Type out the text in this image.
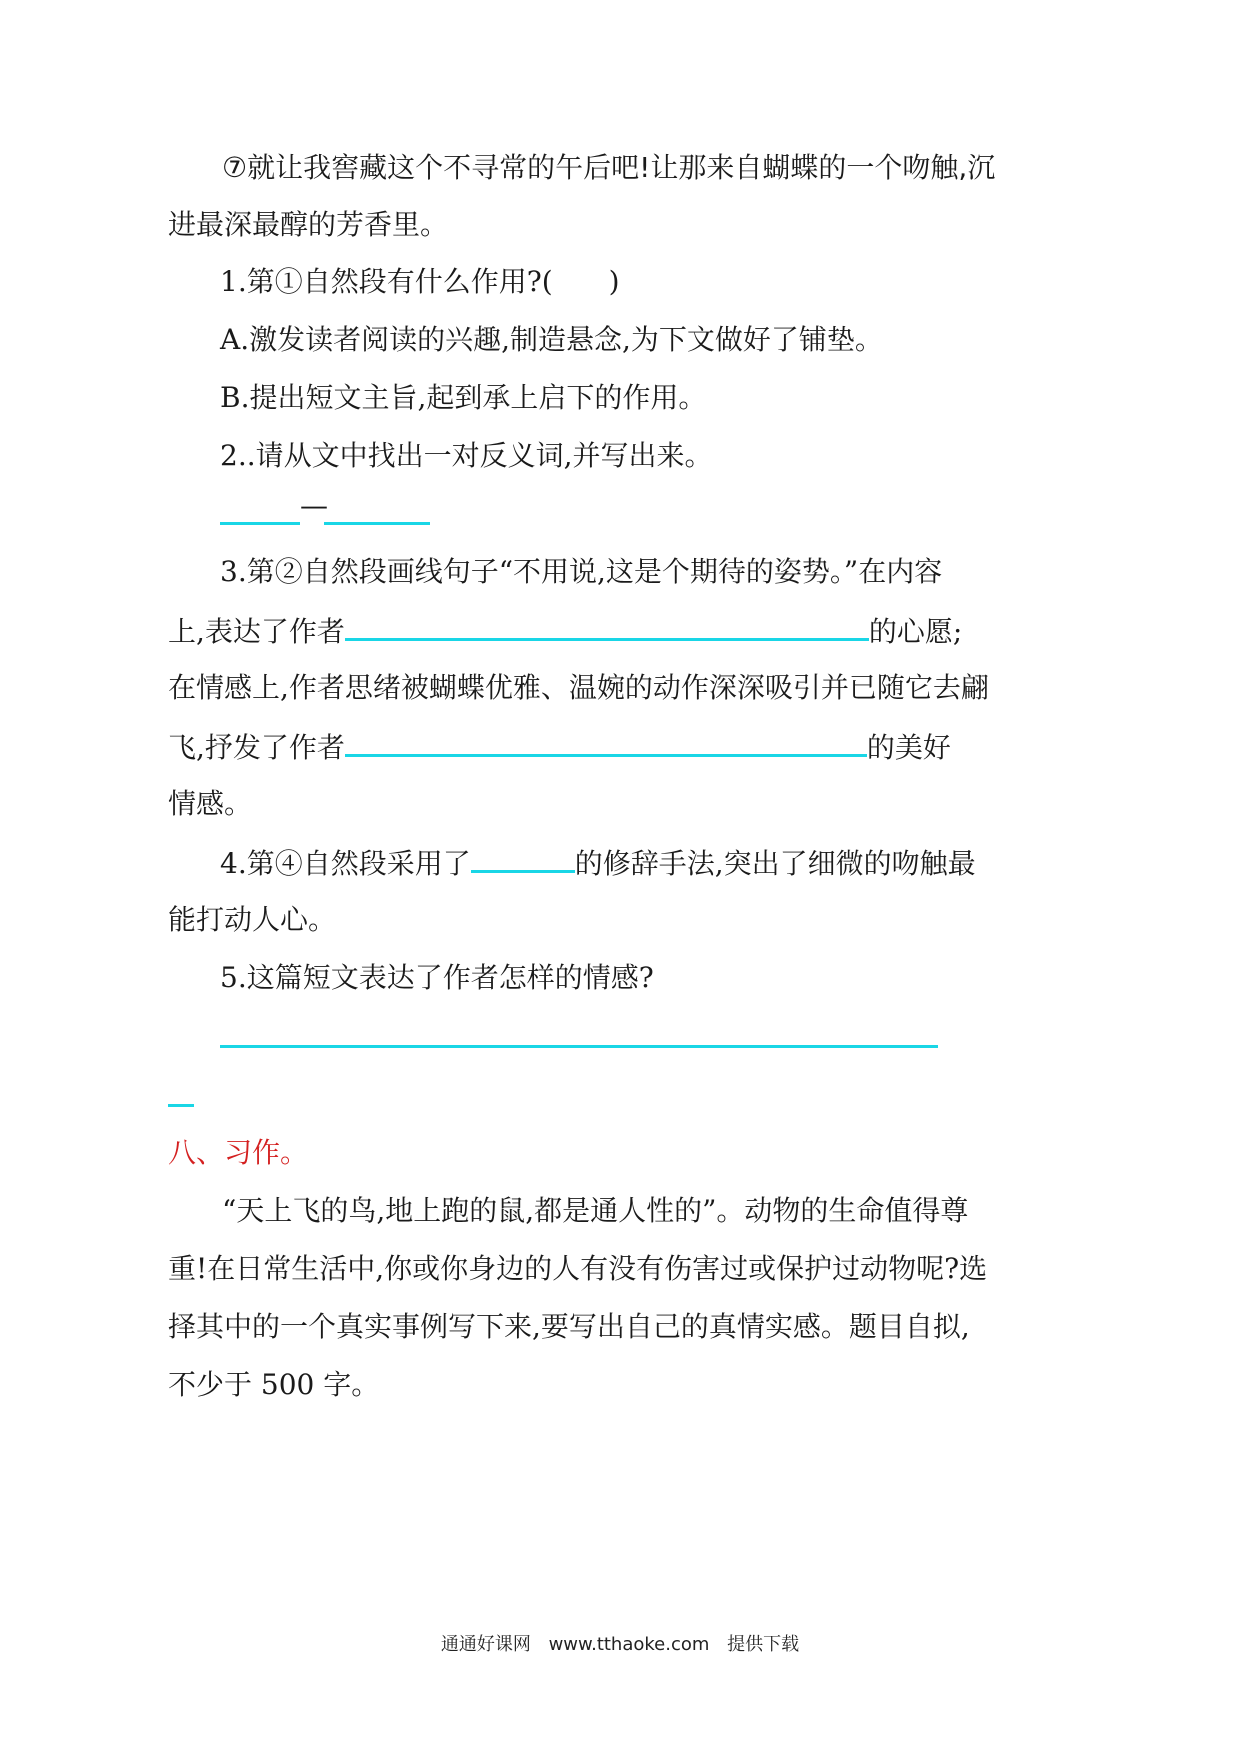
⑦就让我窖藏这个不寻常的午后吧!让那来自蝴蝶的一个吻触,沉
进最深最醇的芳香里。
1.第①自然段有什么作用?(　　)
A.激发读者阅读的兴趣,制造悬念,为下文做好了铺垫。
B.提出短文主旨,起到承上启下的作用。
2..请从文中找出一对反义词,并写出来。
—
3.第②自然段画线句子“不用说,这是个期待的姿势。”在内容
上,表达了作者	的心愿;
在情感上,作者思绪被蝴蝶优雅、温婉的动作深深吸引并已随它去翩
飞,抒发了作者	的美好
情感。
4.第④自然段采用了	的修辞手法,突出了细微的吻触最
能打动人心。
5.这篇短文表达了作者怎样的情感?
八、习作。
“天上飞的鸟,地上跑的鼠,都是通人性的”。动物的生命值得尊
重!在日常生活中,你或你身边的人有没有伤害过或保护过动物呢?选
择其中的一个真实事例写下来,要写出自己的真情实感。题目自拟,
不少于 500 字。
通通好课网 www.tthaoke.com 提供下载
